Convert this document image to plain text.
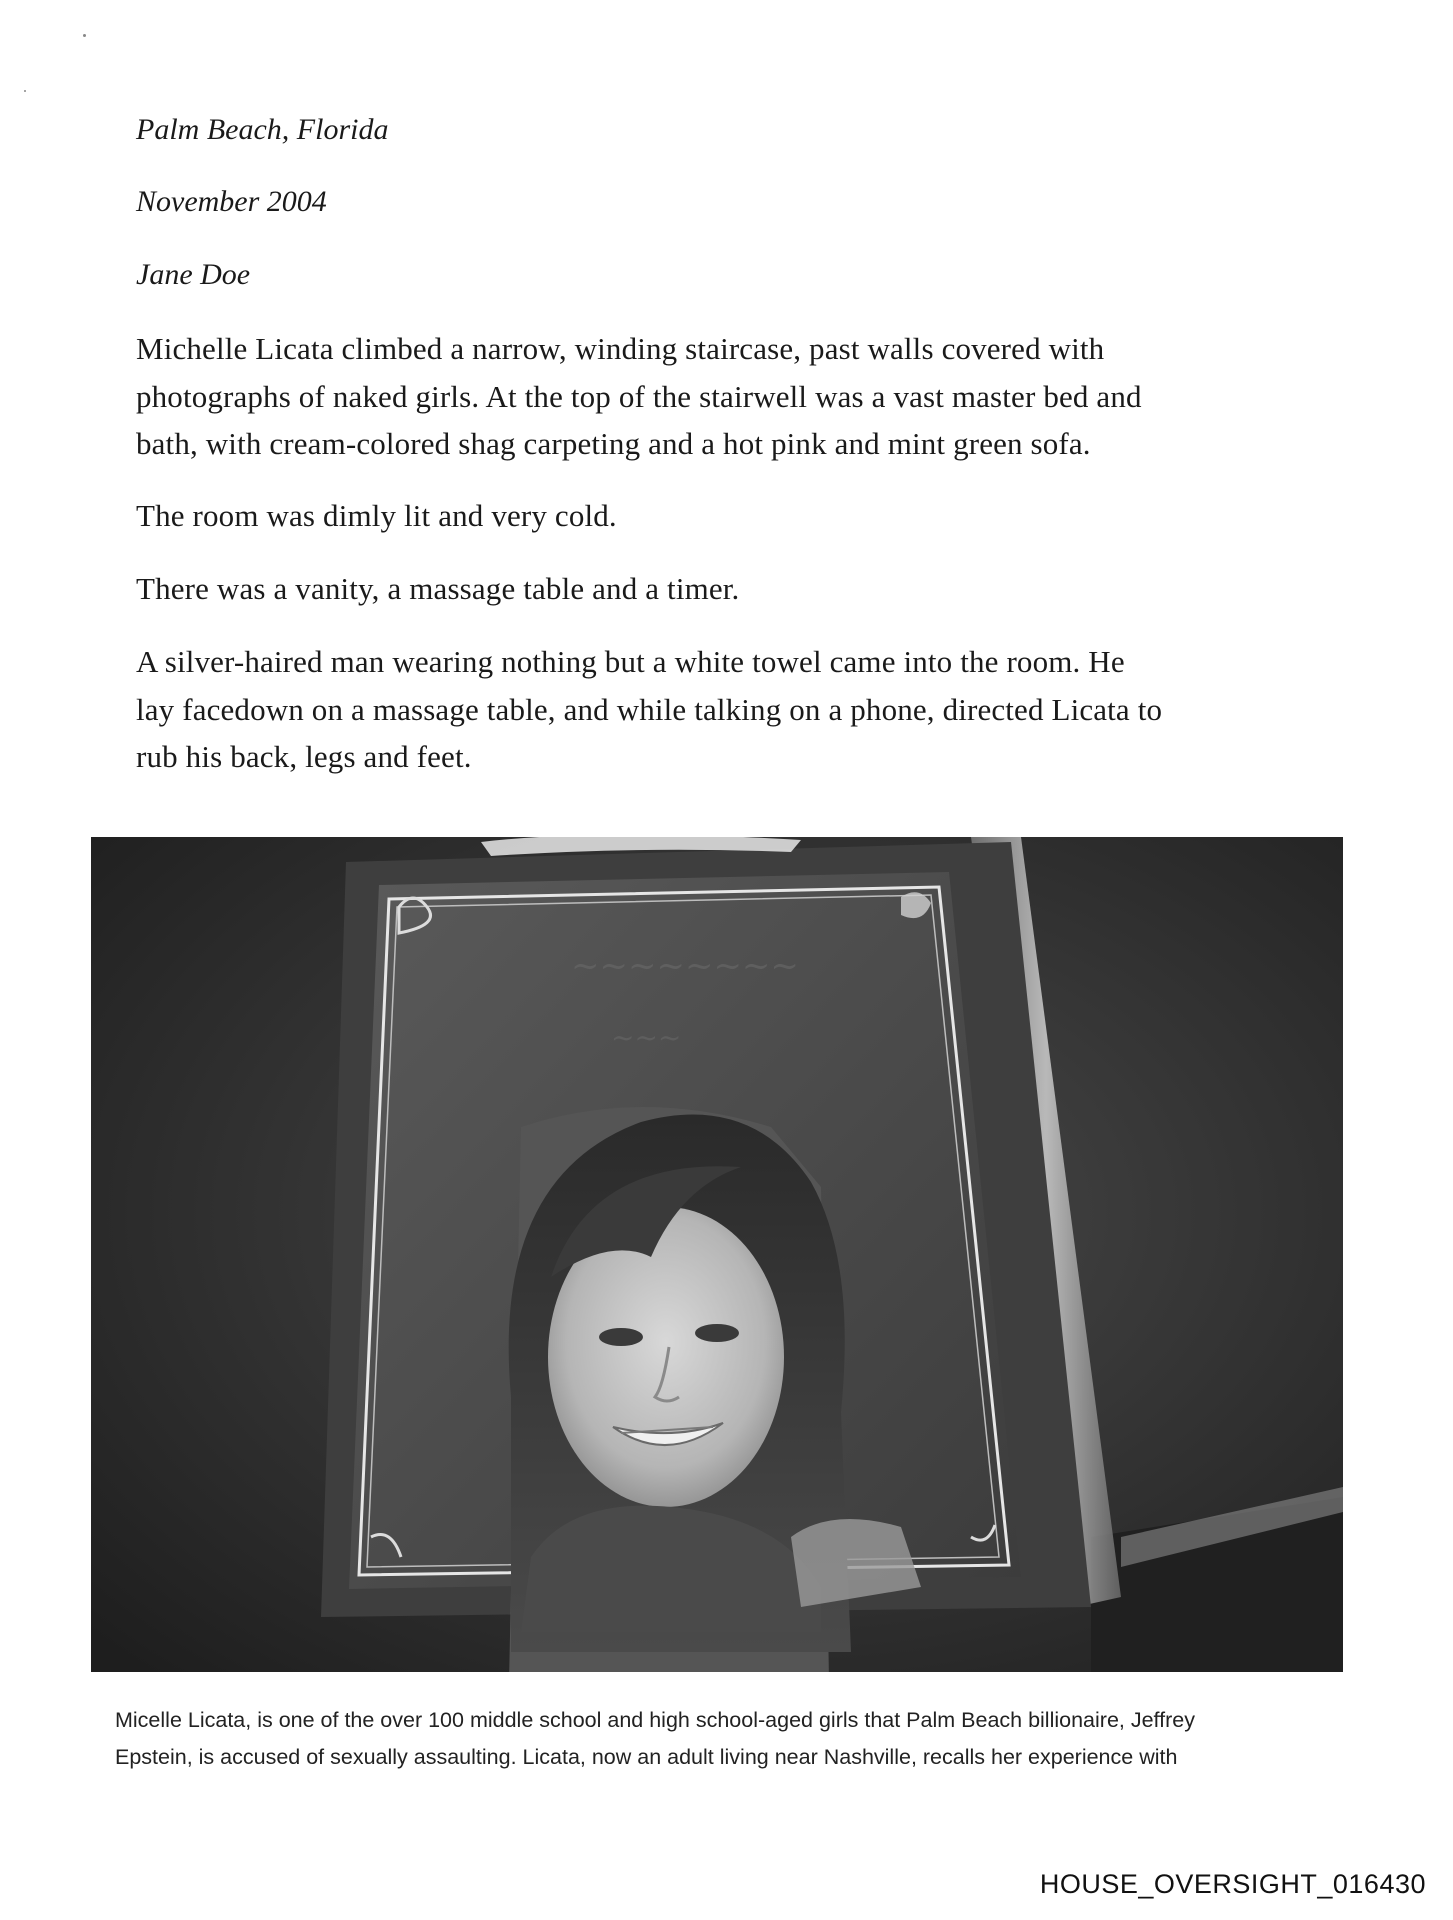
Palm Beach, Florida

November 2004

Jane Doe

Michelle Licata climbed a narrow, winding staircase, past walls covered with
photographs of naked girls. At the top of the stairwell was a vast master bed and
bath, with cream-colored shag carpeting and a hot pink and mint green sofa.

The room was dimly lit and very cold.

There was a vanity, a massage table and a timer.

A silver-haired man wearing nothing but a white towel came into the room. He
lay facedown on a massage table, and while talking on a phone, directed Licata to
rub his back, legs and feet.

~~~~~~~~
~~~

Micelle Licata, is one of the over 100 middle school and high school-aged girls that Palm Beach billionaire, Jeffrey
Epstein, is accused of sexually assaulting. Licata, now an adult living near Nashville, recalls her experience with

HOUSE_OVERSIGHT_016430
